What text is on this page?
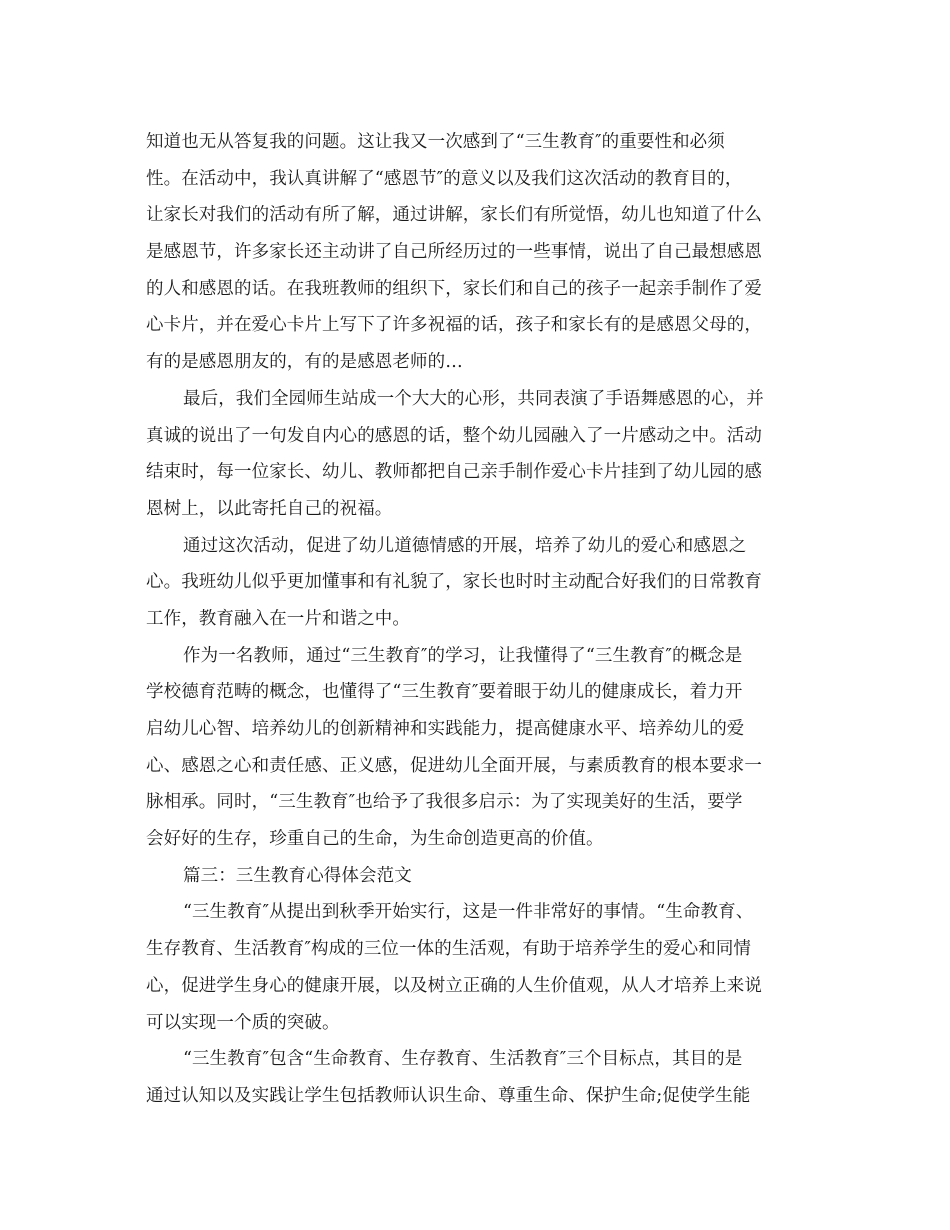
知道也无从答复我的问题。这让我又一次感到了“三生教育″的重要性和必须
性。在活动中，我认真讲解了“感恩节″的意义以及我们这次活动的教育目的，
让家长对我们的活动有所了解，通过讲解，家长们有所觉悟，幼儿也知道了什么
是感恩节，许多家长还主动讲了自己所经历过的一些事情，说出了自己最想感恩
的人和感恩的话。在我班教师的组织下，家长们和自己的孩子一起亲手制作了爱
心卡片，并在爱心卡片上写下了许多祝福的话，孩子和家长有的是感恩父母的，
有的是感恩朋友的，有的是感恩老师的…
最后，我们全园师生站成一个大大的心形，共同表演了手语舞感恩的心，并
真诚的说出了一句发自内心的感恩的话，整个幼儿园融入了一片感动之中。活动
结束时，每一位家长、幼儿、教师都把自己亲手制作爱心卡片挂到了幼儿园的感
恩树上，以此寄托自己的祝福。
通过这次活动，促进了幼儿道德情感的开展，培养了幼儿的爱心和感恩之
心。我班幼儿似乎更加懂事和有礼貌了，家长也时时主动配合好我们的日常教育
工作，教育融入在一片和谐之中。
作为一名教师，通过“三生教育″的学习，让我懂得了“三生教育″的概念是
学校德育范畴的概念，也懂得了“三生教育″要着眼于幼儿的健康成长，着力开
启幼儿心智、培养幼儿的创新精神和实践能力，提高健康水平、培养幼儿的爱
心、感恩之心和责任感、正义感，促进幼儿全面开展，与素质教育的根本要求一
脉相承。同时，“三生教育″也给予了我很多启示：为了实现美好的生活，要学
会好好的生存，珍重自己的生命，为生命创造更高的价值。
篇三：三生教育心得体会范文
“三生教育″从提出到秋季开始实行，这是一件非常好的事情。“生命教育、
生存教育、生活教育″构成的三位一体的生活观，有助于培养学生的爱心和同情
心，促进学生身心的健康开展，以及树立正确的人生价值观，从人才培养上来说
可以实现一个质的突破。
“三生教育″包含“生命教育、生存教育、生活教育″三个目标点，其目的是
通过认知以及实践让学生包括教师认识生命、尊重生命、保护生命;促使学生能
